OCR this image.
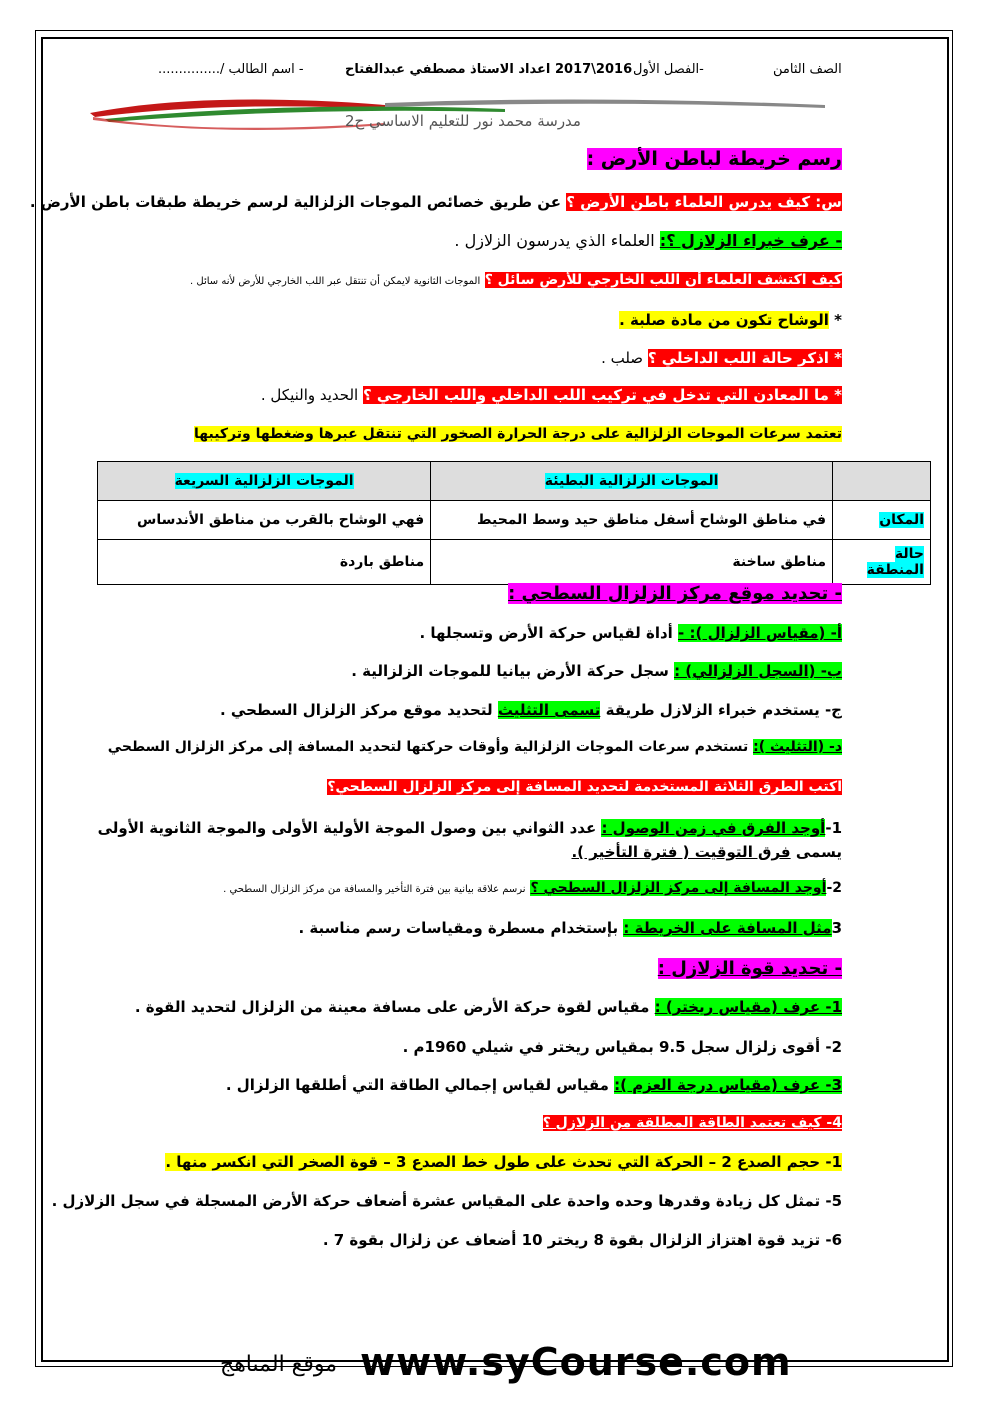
الصف الثامن
الفصل الأول-
2017\2016
اعداد الاستاذ مصطفي عبدالفتاح
- اسم الطالب /...............
مدرسة محمد نور للتعليم الاساسي ح2
رسم خريطة لباطن الأرض :
س: كيف يدرس العلماء باطن الأرض ؟ عن طريق خصائص الموجات الزلزالية لرسم خريطة طبقات باطن الأرض .
- عرف خبراء الزلازل ؟: العلماء الذي يدرسون الزلازل .
كيف اكتشف العلماء أن اللب الخارجي للأرض سائل ؟ الموجات الثانوية لايمكن أن تنتقل عبر اللب الخارجي للأرض لأنه سائل .
* الوشاح تكون من مادة صلبة .
* اذكر حالة اللب الداخلي ؟ صلب .
* ما المعادن التي تدخل في تركيب اللب الداخلي واللب الخارجي ؟ الحديد والنيكل .
تعتمد سرعات الموجات الزلزالية على درجة الحرارة الصخور التي تنتقل عبرها وضغطها وتركيبها
	الموجات الزلزالية البطيئة	الموجات الزلزالية السريعة
المكان	في مناطق الوشاح أسفل مناطق حيد وسط المحيط	فهي الوشاح بالقرب من مناطق الأندساس
حالة المنطقة	مناطق ساخنة	مناطق باردة
- تحديد موقع مركز الزلزال السطحي :
أ- (مقياس الزلزال ): - أداة لقياس حركة الأرض وتسجلها .
ب- (السجل الزلزالي) : سجل حركة الأرض بيانيا للموجات الزلزالية .
ج- يستخدم خبراء الزلازل طريقة تسمى التثليث لتحديد موقع مركز الزلزال السطحي .
د- (التثليث ): تستخدم سرعات الموجات الزلزالية وأوقات حركتها لتحديد المسافة إلى مركز الزلزال السطحي
اكتب الطرق الثلاثة المستخدمة لتحديد المسافة إلى مركز الزلزال السطحي؟
1-أوجد الفرق في زمن الوصول : عدد الثواني بين وصول الموجة الأولية الأولى والموجة الثانوية الأولى
يسمى فرق التوقيت ( فترة التأخير ).
2-أوجد المسافة إلى مركز الزلزال السطحي ؟ نرسم علاقة بيانية بين فترة التأخير والمسافة من مركز الزلزال السطحي .
3مثل المسافة على الخريطة : بإستخدام مسطرة ومقياسات رسم مناسبة .
- تحديد قوة الزلازل :
1- عرف (مقياس ريختر) : مقياس لقوة حركة الأرض على مسافة معينة من الزلزال لتحديد القوة .
2- أقوى زلزال سجل 9.5 بمقياس ريختر في شيلي 1960م .
3- عرف (مقياس درجة العزم ): مقياس لقياس إجمالي الطاقة التي أطلقها الزلزال .
4- كيف تعتمد الطاقة المطلقة من الزلازل ؟
1- حجم الصدع 2 – الحركة التي تحدث على طول خط الصدع 3 – قوة الصخر التي انكسر منها .
5- تمثل كل زيادة وقدرها وحده واحدة على المقياس عشرة أضعاف حركة الأرض المسجلة في سجل الزلازل .
6- تزيد قوة اهتزاز الزلزال بقوة 8 ريختر 10 أضعاف عن زلزال بقوة 7 .
www.syCourse.com
موقع المناهج
